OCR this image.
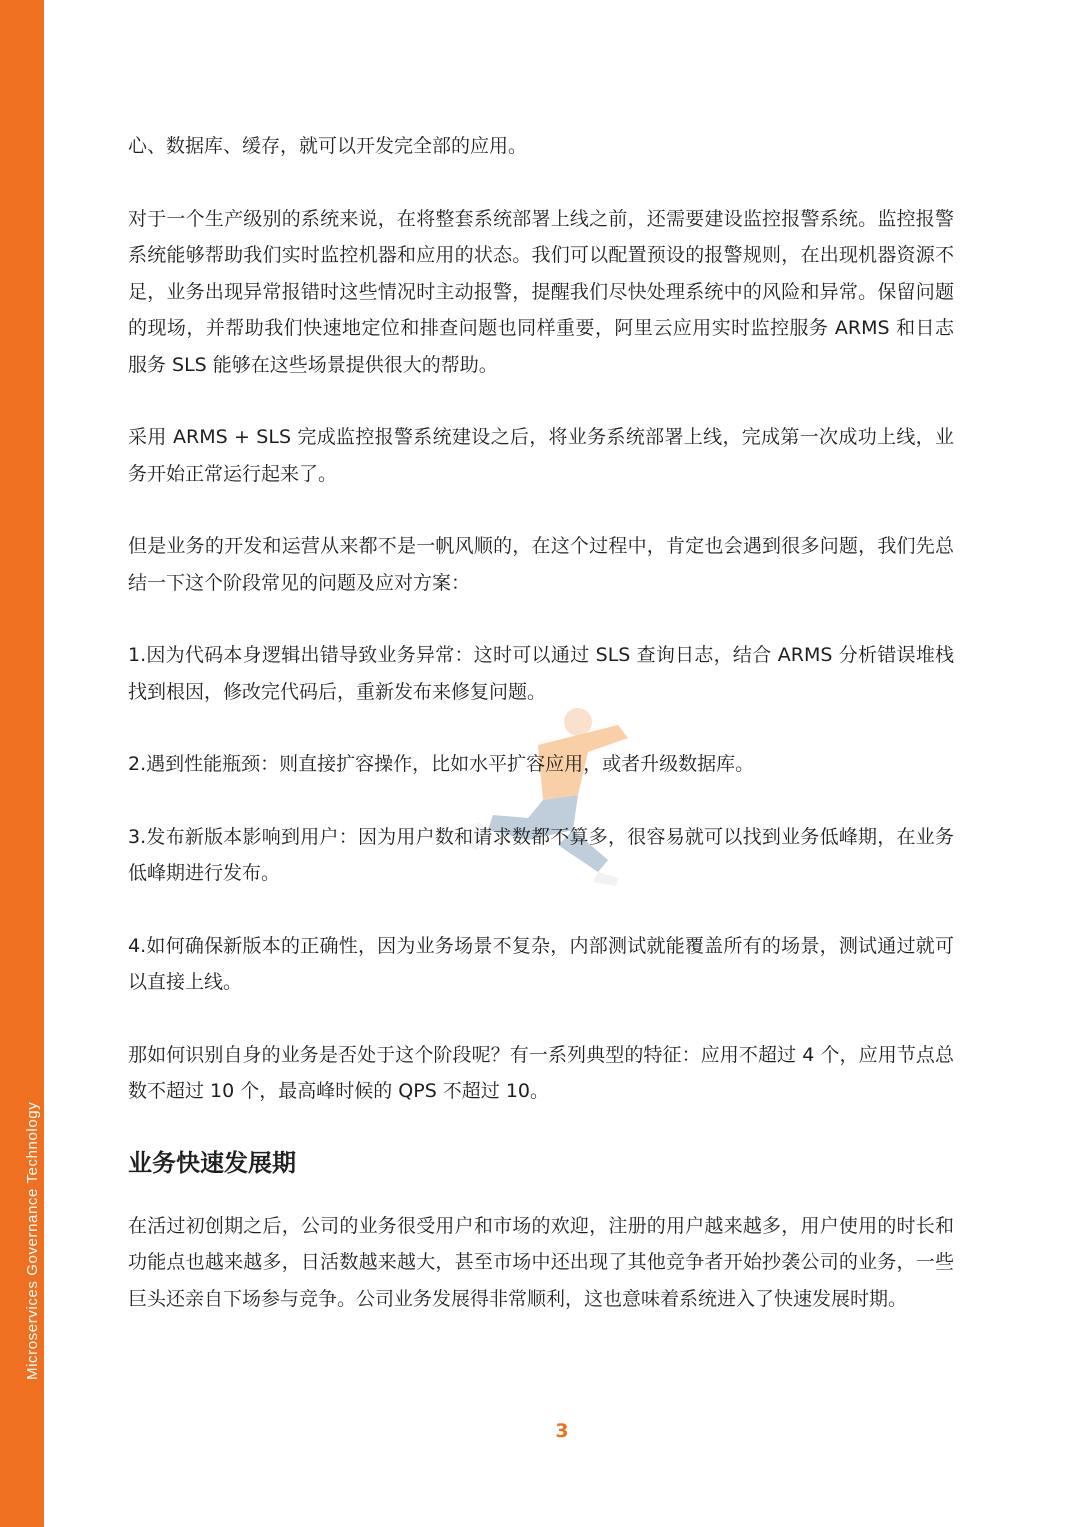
Microservices Governance Technology

心、数据库、缓存，就可以开发完全部的应用。

对于一个生产级别的系统来说，在将整套系统部署上线之前，还需要建设监控报警系统。监控报警系统能够帮助我们实时监控机器和应用的状态。我们可以配置预设的报警规则，在出现机器资源不足，业务出现异常报错时这些情况时主动报警，提醒我们尽快处理系统中的风险和异常。保留问题的现场，并帮助我们快速地定位和排查问题也同样重要，阿里云应用实时监控服务 ARMS 和日志服务 SLS 能够在这些场景提供很大的帮助。

采用 ARMS + SLS 完成监控报警系统建设之后，将业务系统部署上线，完成第一次成功上线，业务开始正常运行起来了。

但是业务的开发和运营从来都不是一帆风顺的，在这个过程中，肯定也会遇到很多问题，我们先总结一下这个阶段常见的问题及应对方案：

1.因为代码本身逻辑出错导致业务异常：这时可以通过 SLS 查询日志，结合 ARMS 分析错误堆栈找到根因，修改完代码后，重新发布来修复问题。

2.遇到性能瓶颈：则直接扩容操作，比如水平扩容应用，或者升级数据库。

3.发布新版本影响到用户：因为用户数和请求数都不算多，很容易就可以找到业务低峰期，在业务低峰期进行发布。

4.如何确保新版本的正确性，因为业务场景不复杂，内部测试就能覆盖所有的场景，测试通过就可以直接上线。

那如何识别自身的业务是否处于这个阶段呢？有一系列典型的特征：应用不超过 4 个，应用节点总数不超过 10 个，最高峰时候的 QPS 不超过 10。

业务快速发展期

在活过初创期之后，公司的业务很受用户和市场的欢迎，注册的用户越来越多，用户使用的时长和功能点也越来越多，日活数越来越大，甚至市场中还出现了其他竞争者开始抄袭公司的业务，一些巨头还亲自下场参与竞争。公司业务发展得非常顺利，这也意味着系统进入了快速发展时期。

3
